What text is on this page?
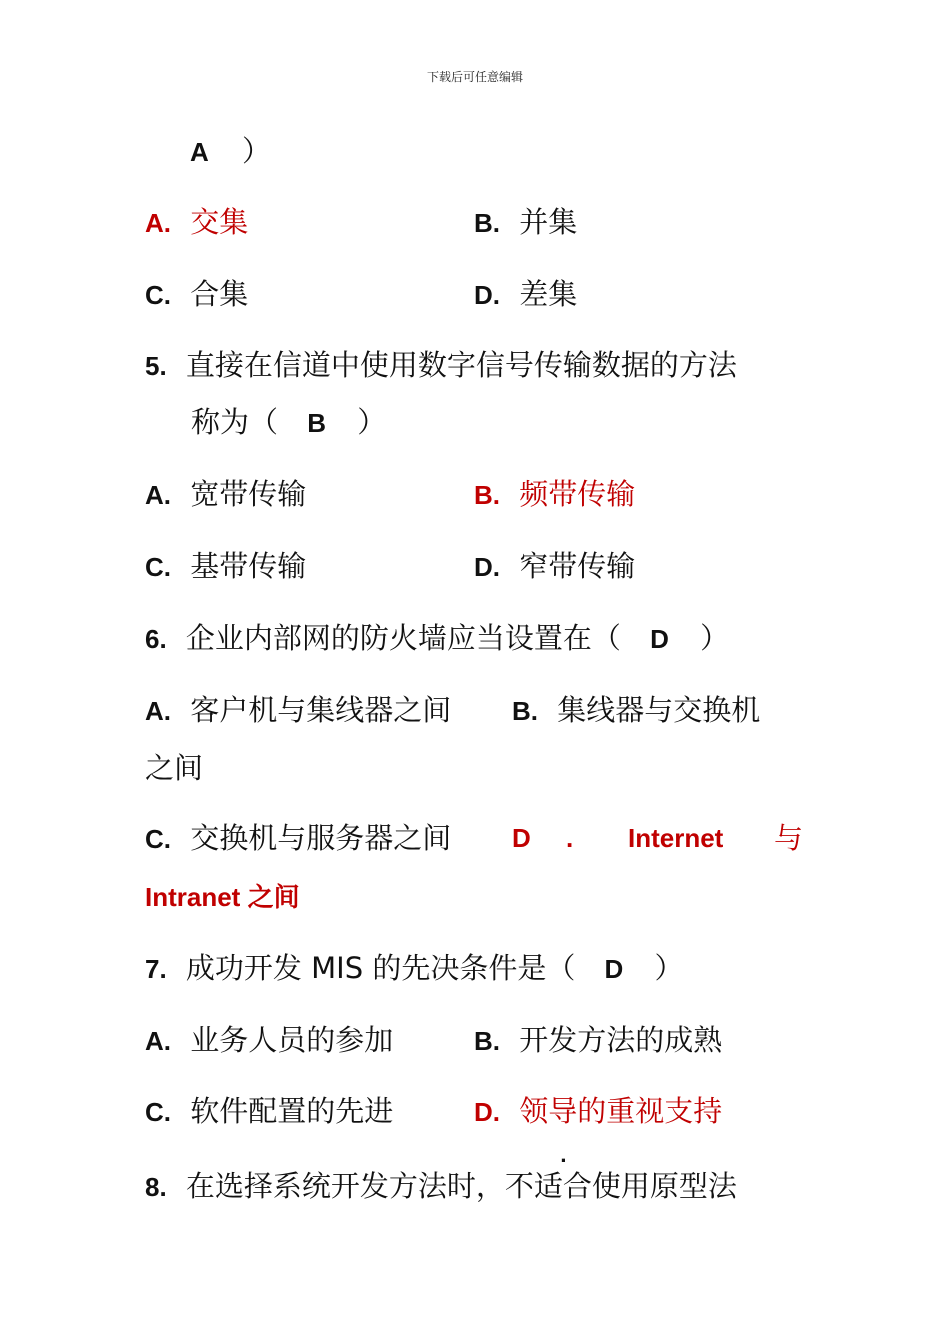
下载后可任意编辑
A ）
A. 交集	B. 并集
C. 合集	D. 差集
5. 直接在信道中使用数字信号传输数据的方法
称为（ B ）
A. 宽带传输	B. 频带传输
C. 基带传输	D. 窄带传输
6. 企业内部网的防火墙应当设置在（ D ）
A. 客户机与集线器之间 B. 集线器与交换机
之间
C. 交换机与服务器之间 D . Internet 与
Intranet 之间
7. 成功开发 MIS 的先决条件是（ D ）
A. 业务人员的参加	B. 开发方法的成熟
C. 软件配置的先进	D. 领导的重视支持
.
8. 在选择系统开发方法时，不适合使用原型法
